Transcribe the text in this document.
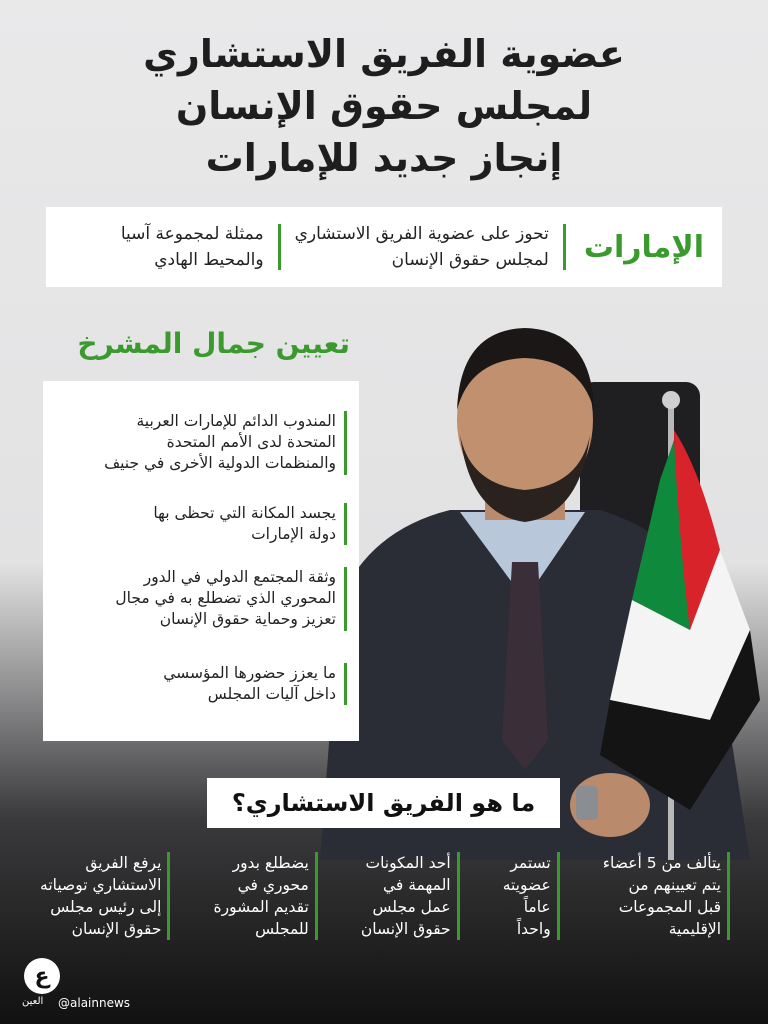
عضوية الفريق الاستشاري
لمجلس حقوق الإنسان
إنجاز جديد للإمارات
الإمارات
تحوز على عضوية الفريق الاستشاري
لمجلس حقوق الإنسان
ممثلة لمجموعة آسيا
والمحيط الهادي
تعيين جمال المشرخ
المندوب الدائم للإمارات العربية
المتحدة لدى الأمم المتحدة
والمنظمات الدولية الأخرى في جنيف
يجسد المكانة التي تحظى بها
دولة الإمارات
وثقة المجتمع الدولي في الدور
المحوري الذي تضطلع به في مجال
تعزيز وحماية حقوق الإنسان
ما يعزز حضورها المؤسسي
داخل آليات المجلس
ما هو الفريق الاستشاري؟
يتألف من 5 أعضاء
يتم تعيينهم من
قبل المجموعات
الإقليمية
تستمر
عضويته
عاماً
واحداً
أحد المكونات
المهمة في
عمل مجلس
حقوق الإنسان
يضطلع بدور
محوري في
تقديم المشورة
للمجلس
يرفع الفريق
الاستشاري توصياته
إلى رئيس مجلس
حقوق الإنسان
ع
العين @alainnews
